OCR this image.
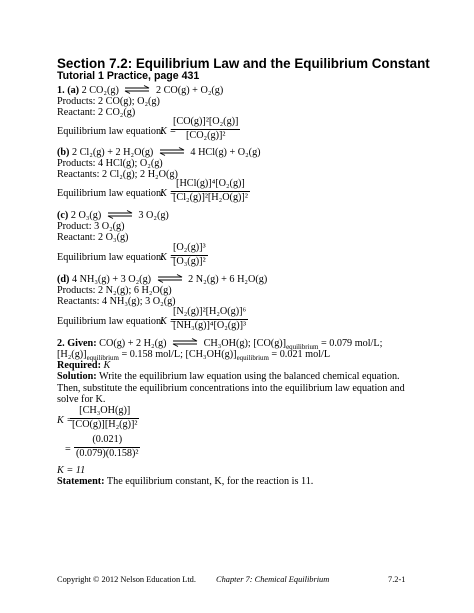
Section 7.2: Equilibrium Law and the Equilibrium Constant
Tutorial 1 Practice, page 431
1. (a) 2 CO₂(g) ⇌ 2 CO(g) + O₂(g)
Products: 2 CO(g); O₂(g)
Reactant: 2 CO₂(g)
Equilibrium law equation:
K =
$\frac{\text{[CO(g)]²[O₂(g)]}}{\text{[CO₂(g)]²}}$
(b) 2 Cl₂(g) + 2 H₂O(g) ⇌ 4 HCl(g) + O₂(g)
Products: 4 HCl(g); O₂(g)
Reactants: 2 Cl₂(g); 2 H₂O(g)
Equilibrium law equation:
K =
[HCl(g)]⁴[O₂(g)]
[Cl₂(g)]²[H₂O(g)]²
(c) 2 O₃(g) ⇌ 3 O₂(g)
Product: 3 O₂(g)
Reactant: 2 O₃(g)
Equilibrium law equation:
K =
$\frac{\text{[O₂(g)]³}}{\text{[O₃(g)]²}}$
(d) 4 NH₃(g) + 3 O₂(g) ⇌ 2 N₂(g) + 6 H₂O(g)
Products: 2 N₂(g); 6 H₂O(g)
Reactants: 4 NH₃(g); 3 O₂(g)
Equilibrium law equation:
K =
$\frac{\text{[N₂(g)]²[H₂O(g)]⁶}}{\text{[NH₃(g)]⁴[O₂(g)]³}}$
2. Given: CO(g) + 2 H₂(g) ⇌ CH₃OH(g); $[CO(g)]_{equilibrium} = 0.079$ mol/L;
$[H_2(g)]_{equilibrium} = 0.158$ mol/L; $[CH_3OH(g)]_{equilibrium} = 0.021$ mol/L
Required: K
Solution: Write the equilibrium law equation using the balanced chemical equation.
Then, substitute the equilibrium concentrations into the equilibrium law equation and
solve for K.
K =
$\frac{\text{[CH₃OH(g)]}}{\text{[CO(g)][H₂(g)]²}}$
= $\frac{(0.021)}{\text{(0.079)(0.158)²}}$
K = 11
Statement: The equilibrium constant, K, for the reaction is 11.
Copyright © 2012 Nelson Education Ltd. Chapter 7: Chemical Equilibrium	7.2-1
